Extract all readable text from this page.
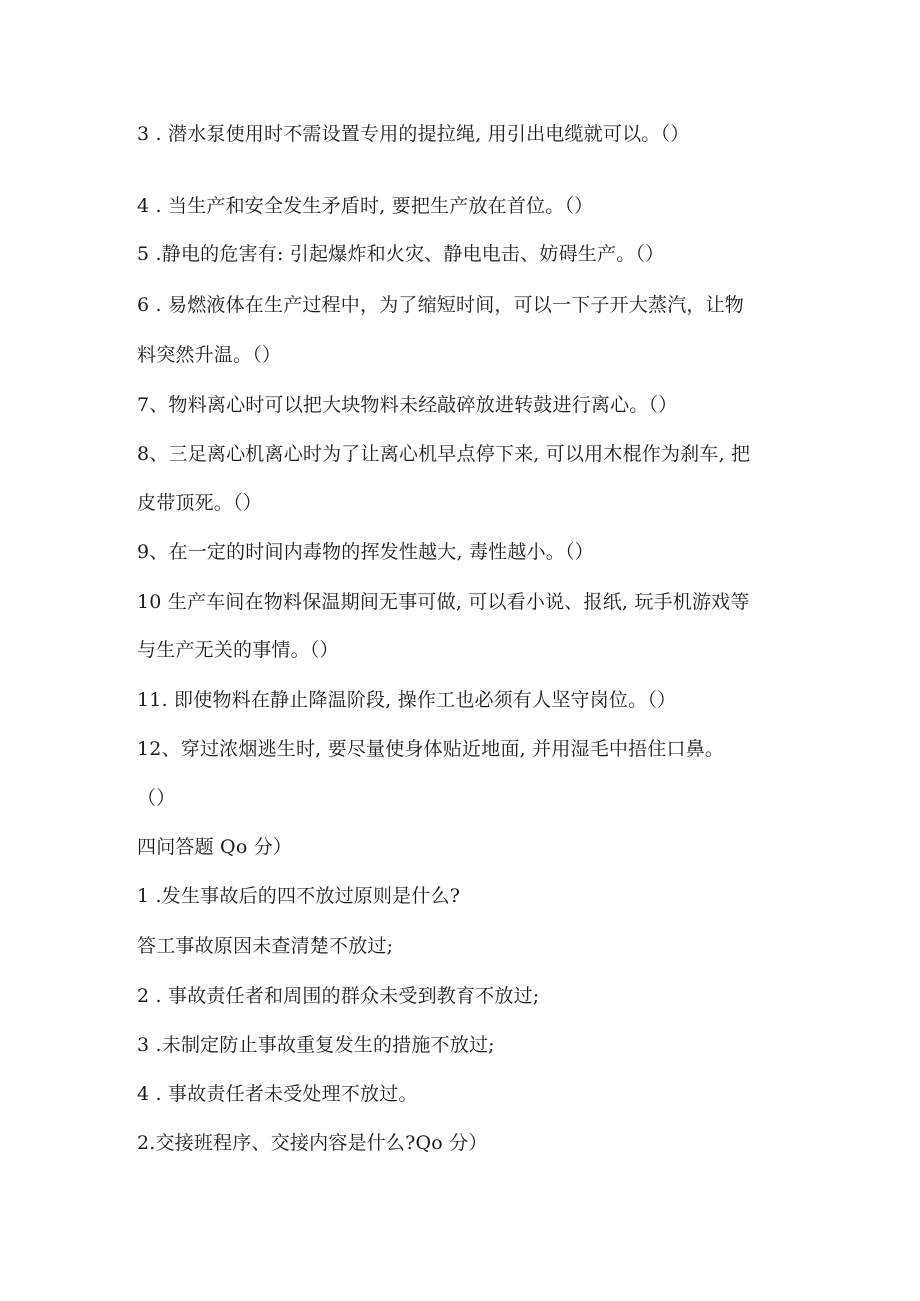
3 . 潜水泵使用时不需设置专用的提拉绳, 用引出电缆就可以。（）
4 . 当生产和安全发生矛盾时, 要把生产放在首位。（）
5 .静电的危害有: 引起爆炸和火灾、静电电击、妨碍生产。（）
6 . 易燃液体在生产过程中，为了缩短时间，可以一下子开大蒸汽，让物
料突然升温。（）
7、物料离心时可以把大块物料未经敲碎放进转鼓进行离心。（）
8、三足离心机离心时为了让离心机早点停下来, 可以用木棍作为刹车, 把
皮带顶死。（）
9、在一定的时间内毒物的挥发性越大, 毒性越小。（）
10 生产车间在物料保温期间无事可做, 可以看小说、报纸, 玩手机游戏等
与生产无关的事情。（）
11. 即使物料在静止降温阶段, 操作工也必须有人坚守岗位。（）
12、穿过浓烟逃生时, 要尽量使身体贴近地面, 并用湿毛中捂住口鼻。
（）
四问答题 Qo 分）
1 .发生事故后的四不放过原则是什么?
答工事故原因未查清楚不放过;
2 . 事故责任者和周围的群众未受到教育不放过;
3 .未制定防止事故重复发生的措施不放过;
4 . 事故责任者未受处理不放过。
2.交接班程序、交接内容是什么?Qo 分）
